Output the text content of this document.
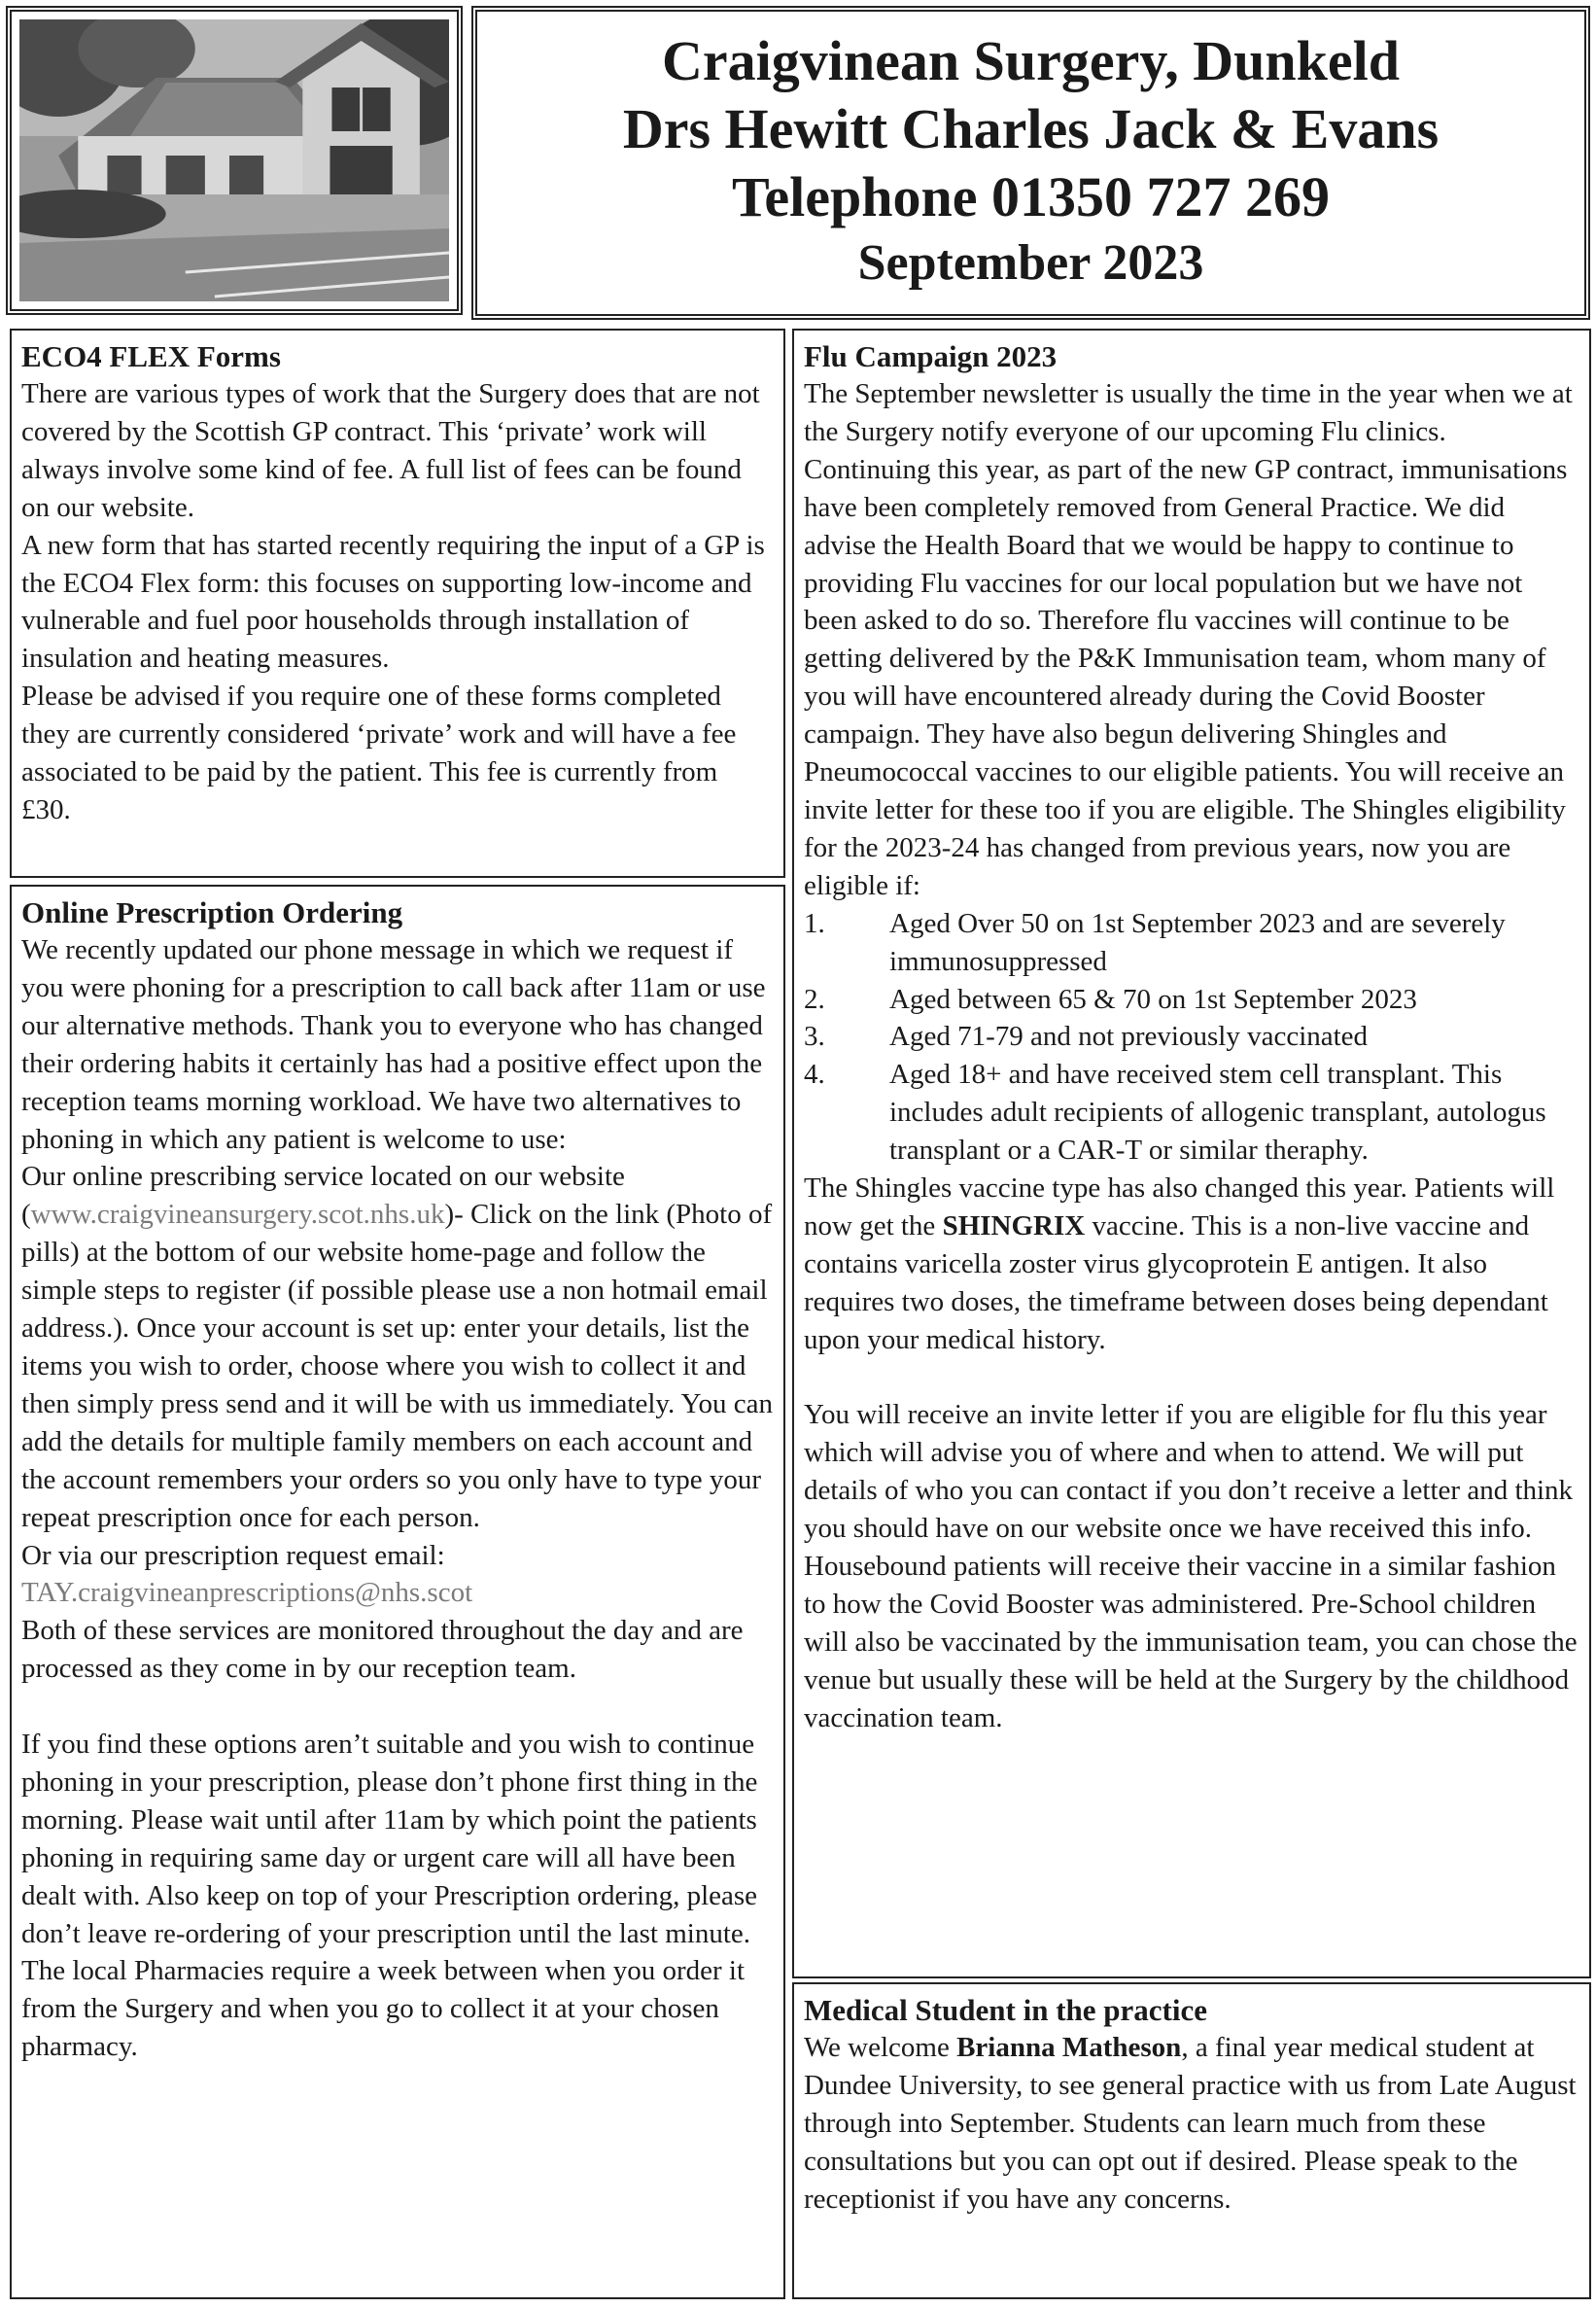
Craigvinean Surgery, Dunkeld
Drs Hewitt Charles Jack & Evans
Telephone 01350 727 269
September 2023
ECO4 FLEX Forms

There are various types of work that the Surgery does that are not covered by the Scottish GP contract. This ‘private’ work will always involve some kind of fee. A full list of fees can be found on our website.

A new form that has started recently requiring the input of a GP is the ECO4 Flex form: this focuses on supporting low-income and vulnerable and fuel poor households through installation of insulation and heating measures.

Please be advised if you require one of these forms completed they are currently considered ‘private’ work and will have a fee associated to be paid by the patient. This fee is currently from £30.

Online Prescription Ordering

We recently updated our phone message in which we request if you were phoning for a prescription to call back after 11am or use our alternative methods. Thank you to everyone who has changed their ordering habits it certainly has had a positive effect upon the reception teams morning workload. We have two alternatives to phoning in which any patient is welcome to use:

Our online prescribing service located on our website (www.craigvineansurgery.scot.nhs.uk)- Click on the link (Photo of pills) at the bottom of our website home-page and follow the simple steps to register (if possible please use a non hotmail email address.). Once your account is set up: enter your details, list the items you wish to order, choose where you wish to collect it and then simply press send and it will be with us immediately. You can add the details for multiple family members on each account and the account remembers your orders so you only have to type your repeat prescription once for each person.

Or via our prescription request email:

TAY.craigvineanprescriptions@nhs.scot

Both of these services are monitored throughout the day and are processed as they come in by our reception team.

If you find these options aren’t suitable and you wish to continue phoning in your prescription, please don’t phone first thing in the morning. Please wait until after 11am by which point the patients phoning in requiring same day or urgent care will all have been dealt with. Also keep on top of your Prescription ordering, please don’t leave re-ordering of your prescription until the last minute. The local Pharmacies require a week between when you order it from the Surgery and when you go to collect it at your chosen pharmacy.

Flu Campaign 2023

The September newsletter is usually the time in the year when we at the Surgery notify everyone of our upcoming Flu clinics. Continuing this year, as part of the new GP contract, immunisations have been completely removed from General Practice. We did advise the Health Board that we would be happy to continue to providing Flu vaccines for our local population but we have not been asked to do so. Therefore flu vaccines will continue to be getting delivered by the P&K Immunisation team, whom many of you will have encountered already during the Covid Booster campaign. They have also begun delivering Shingles and Pneumococcal vaccines to our eligible patients. You will receive an invite letter for these too if you are eligible. The Shingles eligibility for the 2023-24 has changed from previous years, now you are eligible if:

1. Aged Over 50 on 1st September 2023 and are severely immunosuppressed
2. Aged between 65 & 70 on 1st September 2023
3. Aged 71-79 and not previously vaccinated
4. Aged 18+ and have received stem cell transplant. This includes adult recipients of allogenic transplant, autologus transplant or a CAR-T or similar theraphy.

The Shingles vaccine type has also changed this year. Patients will now get the SHINGRIX vaccine. This is a non-live vaccine and contains varicella zoster virus glycoprotein E antigen. It also requires two doses, the timeframe between doses being dependant upon your medical history.

You will receive an invite letter if you are eligible for flu this year which will advise you of where and when to attend. We will put details of who you can contact if you don’t receive a letter and think you should have on our website once we have received this info.

Housebound patients will receive their vaccine in a similar fashion to how the Covid Booster was administered. Pre-School children will also be vaccinated by the immunisation team, you can chose the venue but usually these will be held at the Surgery by the childhood vaccination team.

Medical Student in the practice

We welcome Brianna Matheson, a final year medical student at Dundee University, to see general practice with us from Late August through into September. Students can learn much from these consultations but you can opt out if desired. Please speak to the receptionist if you have any concerns.
